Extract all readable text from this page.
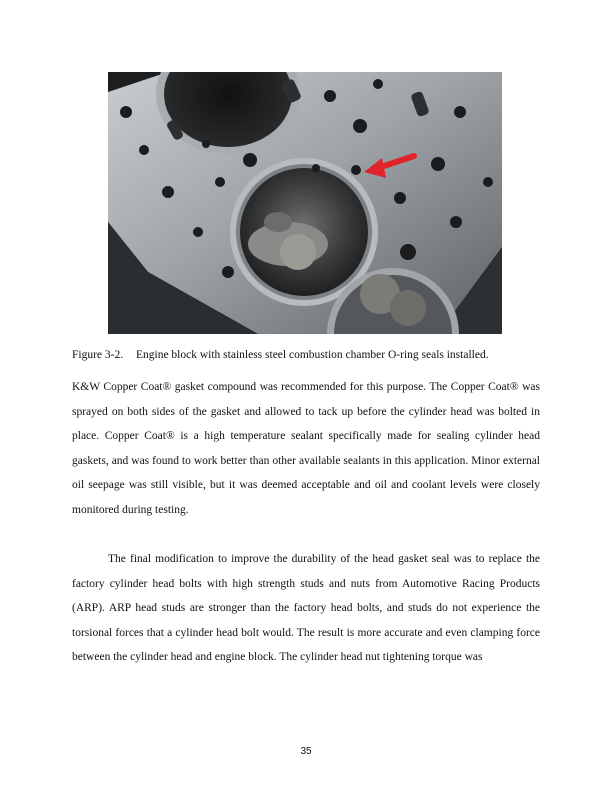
Figure 3-2. Engine block with stainless steel combustion chamber O-ring seals installed.

K&W Copper Coat® gasket compound was recommended for this purpose. The Copper Coat® was sprayed on both sides of the gasket and allowed to tack up before the cylinder head was bolted in place. Copper Coat® is a high temperature sealant specifically made for sealing cylinder head gaskets, and was found to work better than other available sealants in this application. Minor external oil seepage was still visible, but it was deemed acceptable and oil and coolant levels were closely monitored during testing.

The final modification to improve the durability of the head gasket seal was to replace the factory cylinder head bolts with high strength studs and nuts from Automotive Racing Products (ARP). ARP head studs are stronger than the factory head bolts, and studs do not experience the torsional forces that a cylinder head bolt would. The result is more accurate and even clamping force between the cylinder head and engine block. The cylinder head nut tightening torque was

35
